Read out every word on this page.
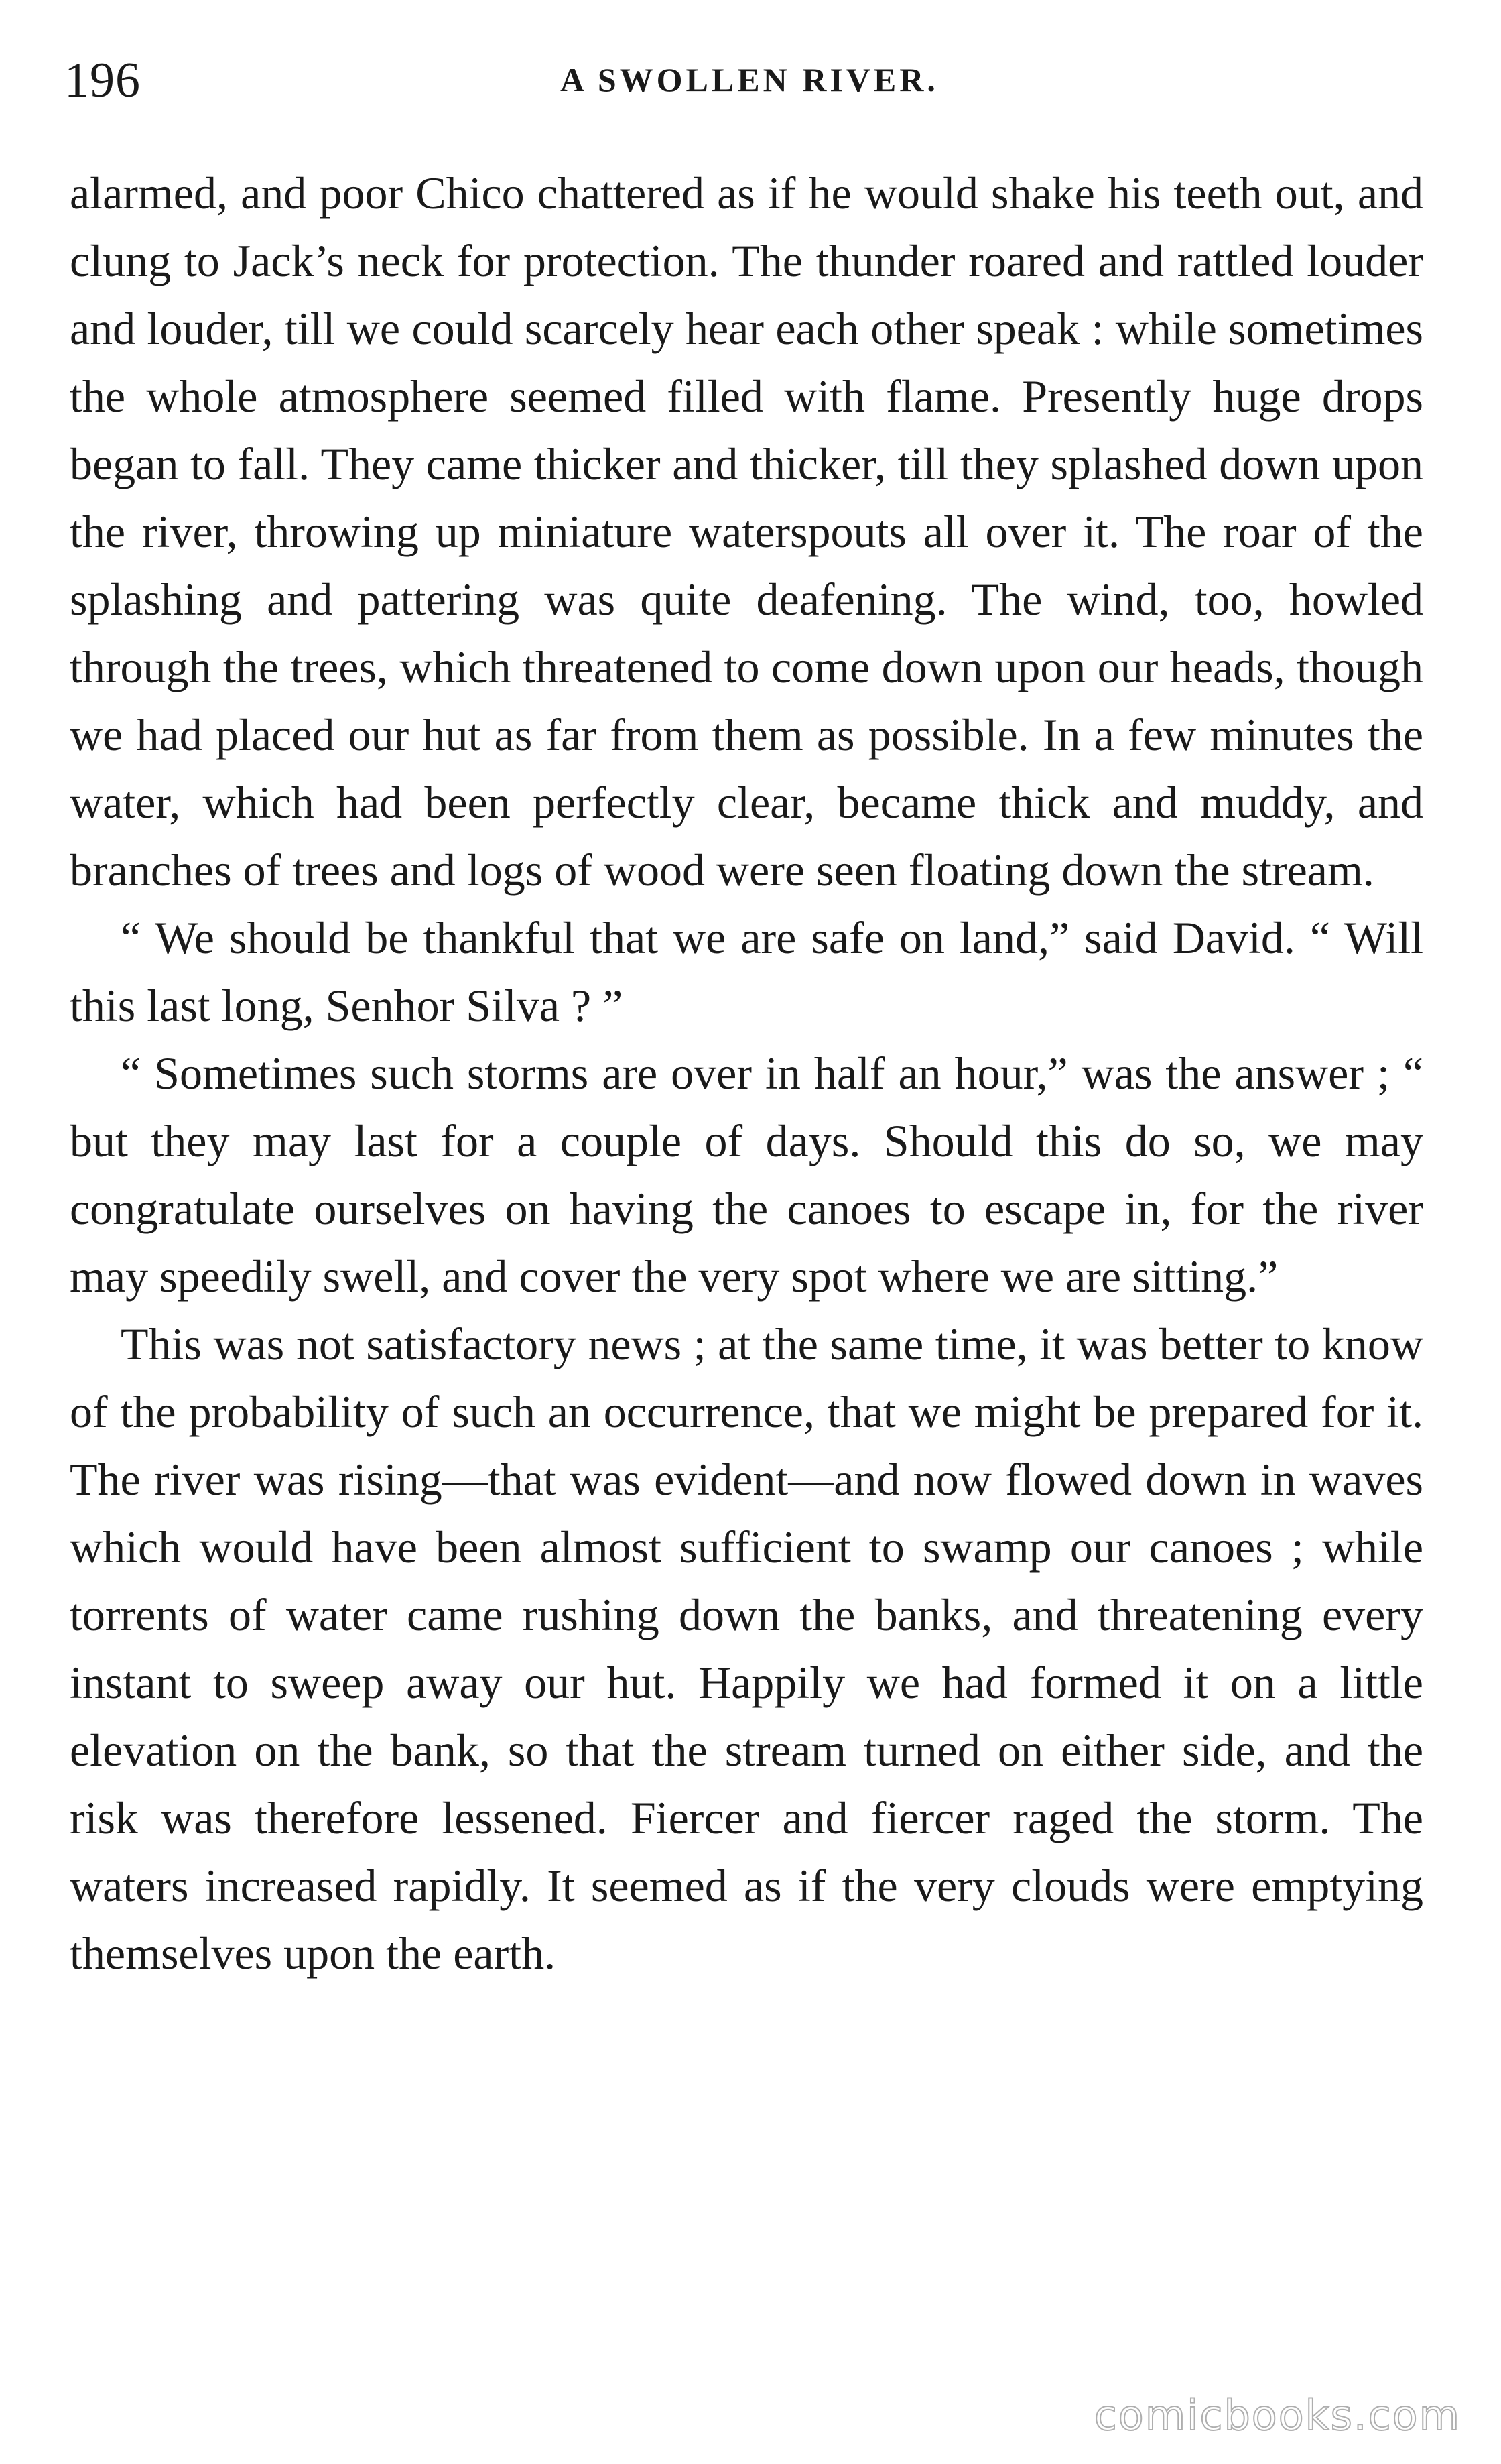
196	A SWOLLEN RIVER.

alarmed, and poor Chico chattered as if he would shake his teeth out, and clung to Jack’s neck for protection. The thunder roared and rattled louder and louder, till we could scarcely hear each other speak : while sometimes the whole atmosphere seemed filled with flame. Presently huge drops began to fall. They came thicker and thicker, till they splashed down upon the river, throwing up miniature waterspouts all over it. The roar of the splashing and pattering was quite deafening. The wind, too, howled through the trees, which threatened to come down upon our heads, though we had placed our hut as far from them as possible. In a few minutes the water, which had been perfectly clear, became thick and muddy, and branches of trees and logs of wood were seen floating down the stream.

“ We should be thankful that we are safe on land,” said David. “ Will this last long, Senhor Silva ? ”

“ Sometimes such storms are over in half an hour,” was the answer ; “ but they may last for a couple of days. Should this do so, we may congratulate ourselves on having the canoes to escape in, for the river may speedily swell, and cover the very spot where we are sitting.”

This was not satisfactory news ; at the same time, it was better to know of the probability of such an occurrence, that we might be prepared for it. The river was rising—that was evident—and now flowed down in waves which would have been almost sufficient to swamp our canoes ; while torrents of water came rushing down the banks, and threatening every instant to sweep away our hut. Happily we had formed it on a little elevation on the bank, so that the stream turned on either side, and the risk was therefore lessened. Fiercer and fiercer raged the storm. The waters increased rapidly. It seemed as if the very clouds were emptying themselves upon the earth.

comicbooks.com
